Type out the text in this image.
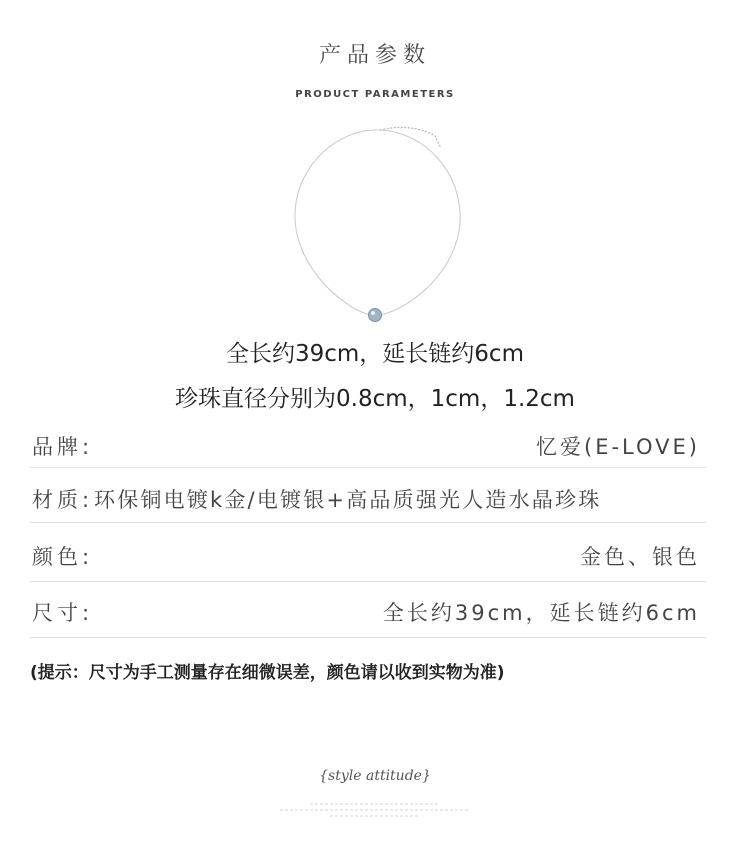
产品参数
PRODUCT PARAMETERS
全长约39cm，延长链约6cm
珍珠直径分别为0.8cm，1cm，1.2cm
品牌:	忆爱(E-LOVE)
材质: 环保铜电镀k金/电镀银+高品质强光人造水晶珍珠
颜色:	金色、银色
尺寸:	全长约39cm，延长链约6cm
(提示：尺寸为手工测量存在细微误差，颜色请以收到实物为准)
{style attitude}
